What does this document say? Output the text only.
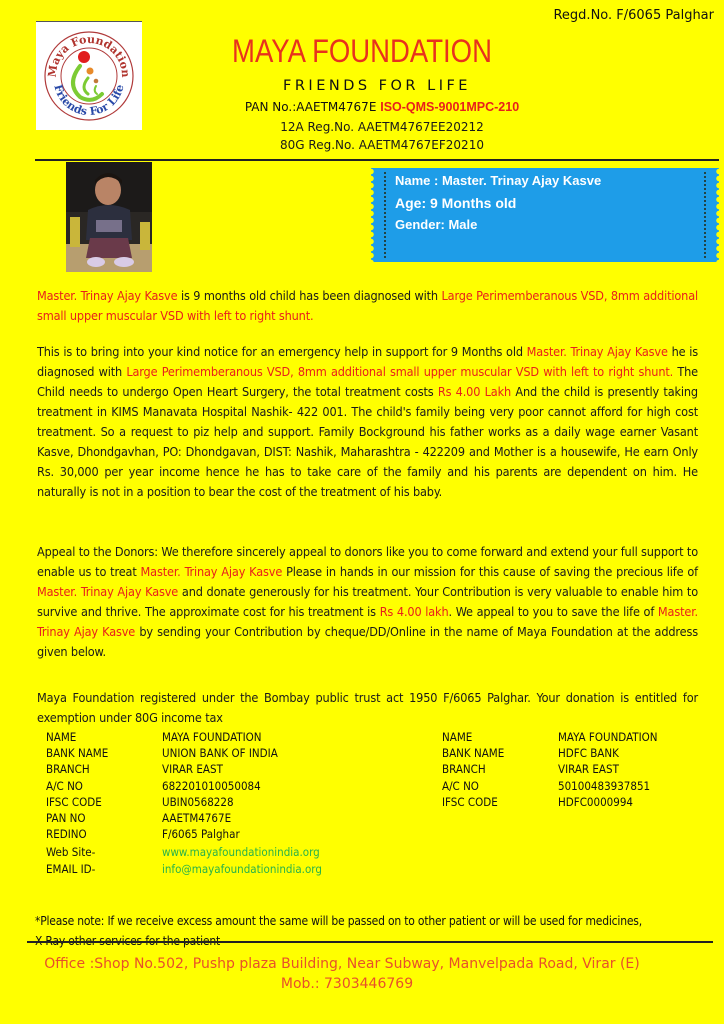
Regd.No. F/6065 Palghar
Maya Foundation
Friends For Life
MAYA FOUNDATION
FRIENDS FOR LIFE
PAN No.:AAETM4767E ISO-QMS-9001MPC-210
12A Reg.No. AAETM4767EE20212
80G Reg.No. AAETM4767EF20210
Name : Master. Trinay Ajay Kasve
Age: 9 Months old
Gender: Male
Master. Trinay Ajay Kasve is 9 months old child has been diagnosed with Large Perimemberanous VSD, 8mm additional small upper muscular VSD with left to right shunt.
This is to bring into your kind notice for an emergency help in support for 9 Months old Master. Trinay Ajay Kasve he is diagnosed with Large Perimemberanous VSD, 8mm additional small upper muscular VSD with left to right shunt. The Child needs to undergo Open Heart Surgery, the total treatment costs Rs 4.00 Lakh And the child is presently taking treatment in KIMS Manavata Hospital Nashik- 422 001. The child's family being very poor cannot afford for high cost treatment. So a request to piz help and support. Family Bockground his father works as a daily wage earner Vasant Kasve, Dhondgavhan, PO: Dhondgavan, DIST: Nashik, Maharashtra - 422209 and Mother is a housewife, He earn Only Rs. 30,000 per year income hence he has to take care of the family and his parents are dependent on him. He naturally is not in a position to bear the cost of the treatment of his baby.
Appeal to the Donors: We therefore sincerely appeal to donors like you to come forward and extend your full support to enable us to treat Master. Trinay Ajay Kasve Please in hands in our mission for this cause of saving the precious life of Master. Trinay Ajay Kasve and donate generously for his treatment. Your Contribution is very valuable to enable him to survive and thrive. The approximate cost for his treatment is Rs 4.00 lakh. We appeal to you to save the life of Master. Trinay Ajay Kasve by sending your Contribution by cheque/DD/Online in the name of Maya Foundation at the address given below.
Maya Foundation registered under the Bombay public trust act 1950 F/6065 Palghar. Your donation is entitled for exemption under 80G income tax
NAME	MAYA FOUNDATION
BANK NAME	UNION BANK OF INDIA
BRANCH	VIRAR EAST
A/C NO	682201010050084
IFSC CODE	UBIN0568228
PAN NO	AAETM4767E
REDINO	F/6065 Palghar
Web Site-	www.mayafoundationindia.org
EMAIL ID-	info@mayafoundationindia.org
NAME	MAYA FOUNDATION
BANK NAME	HDFC BANK
BRANCH	VIRAR EAST
A/C NO	50100483937851
IFSC CODE	HDFC0000994
*Please note: If we receive excess amount the same will be passed on to other patient or will be used for medicines,
Office :Shop No.502, Pushp plaza Building, Near Subway, Manvelpada Road, Virar (E)
Mob.: 7303446769
